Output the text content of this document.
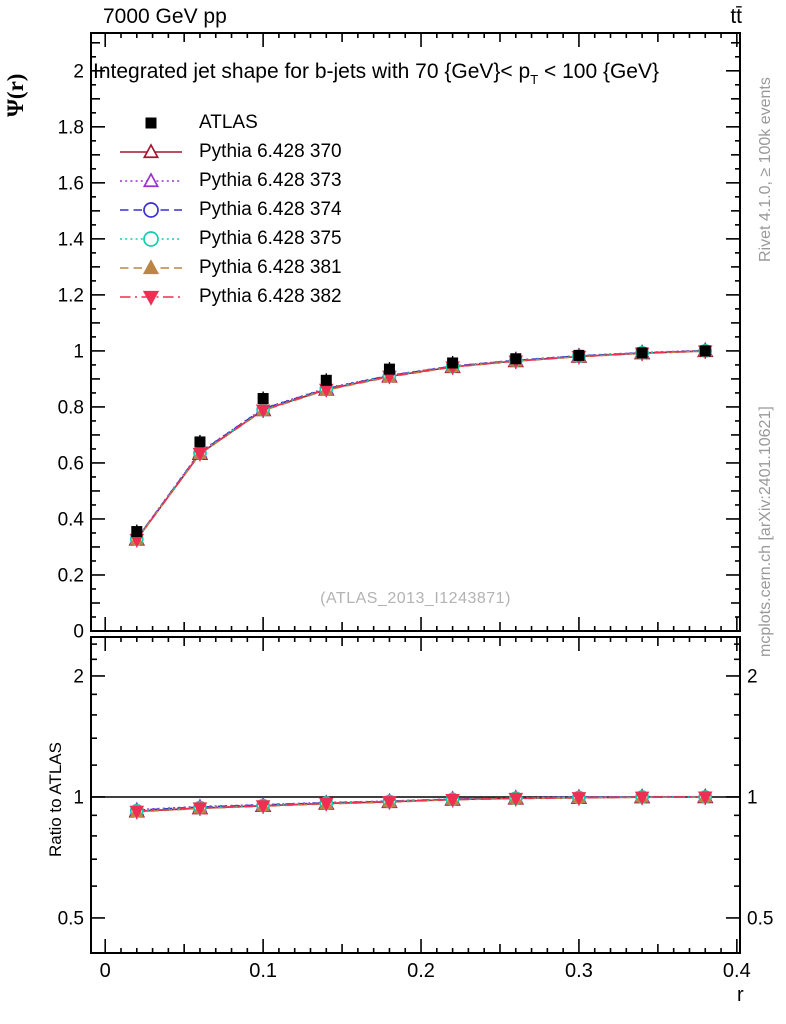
0
0.2
0.4
0.6
0.8
1
1.2
1.4
1.6
1.8
2
0.5	0.5
1	1
2	2
0	0.1	0.2	0.3	0.4
7000 GeV pp	tt̄
Ψ(r)
Integrated jet shape for b-jets with 70 $\{GeV\}< p_T < 100$ {GeV}
ATLAS
Pythia 6.428 370
Pythia 6.428 373
Pythia 6.428 374
Pythia 6.428 375
Pythia 6.428 381
Pythia 6.428 382
(ATLAS_2013_I1243871)
Ratio to ATLAS
Rivet 4.1.0, ≥ 100k events
mcplots.cern.ch [arXiv:2401.10621]
r
